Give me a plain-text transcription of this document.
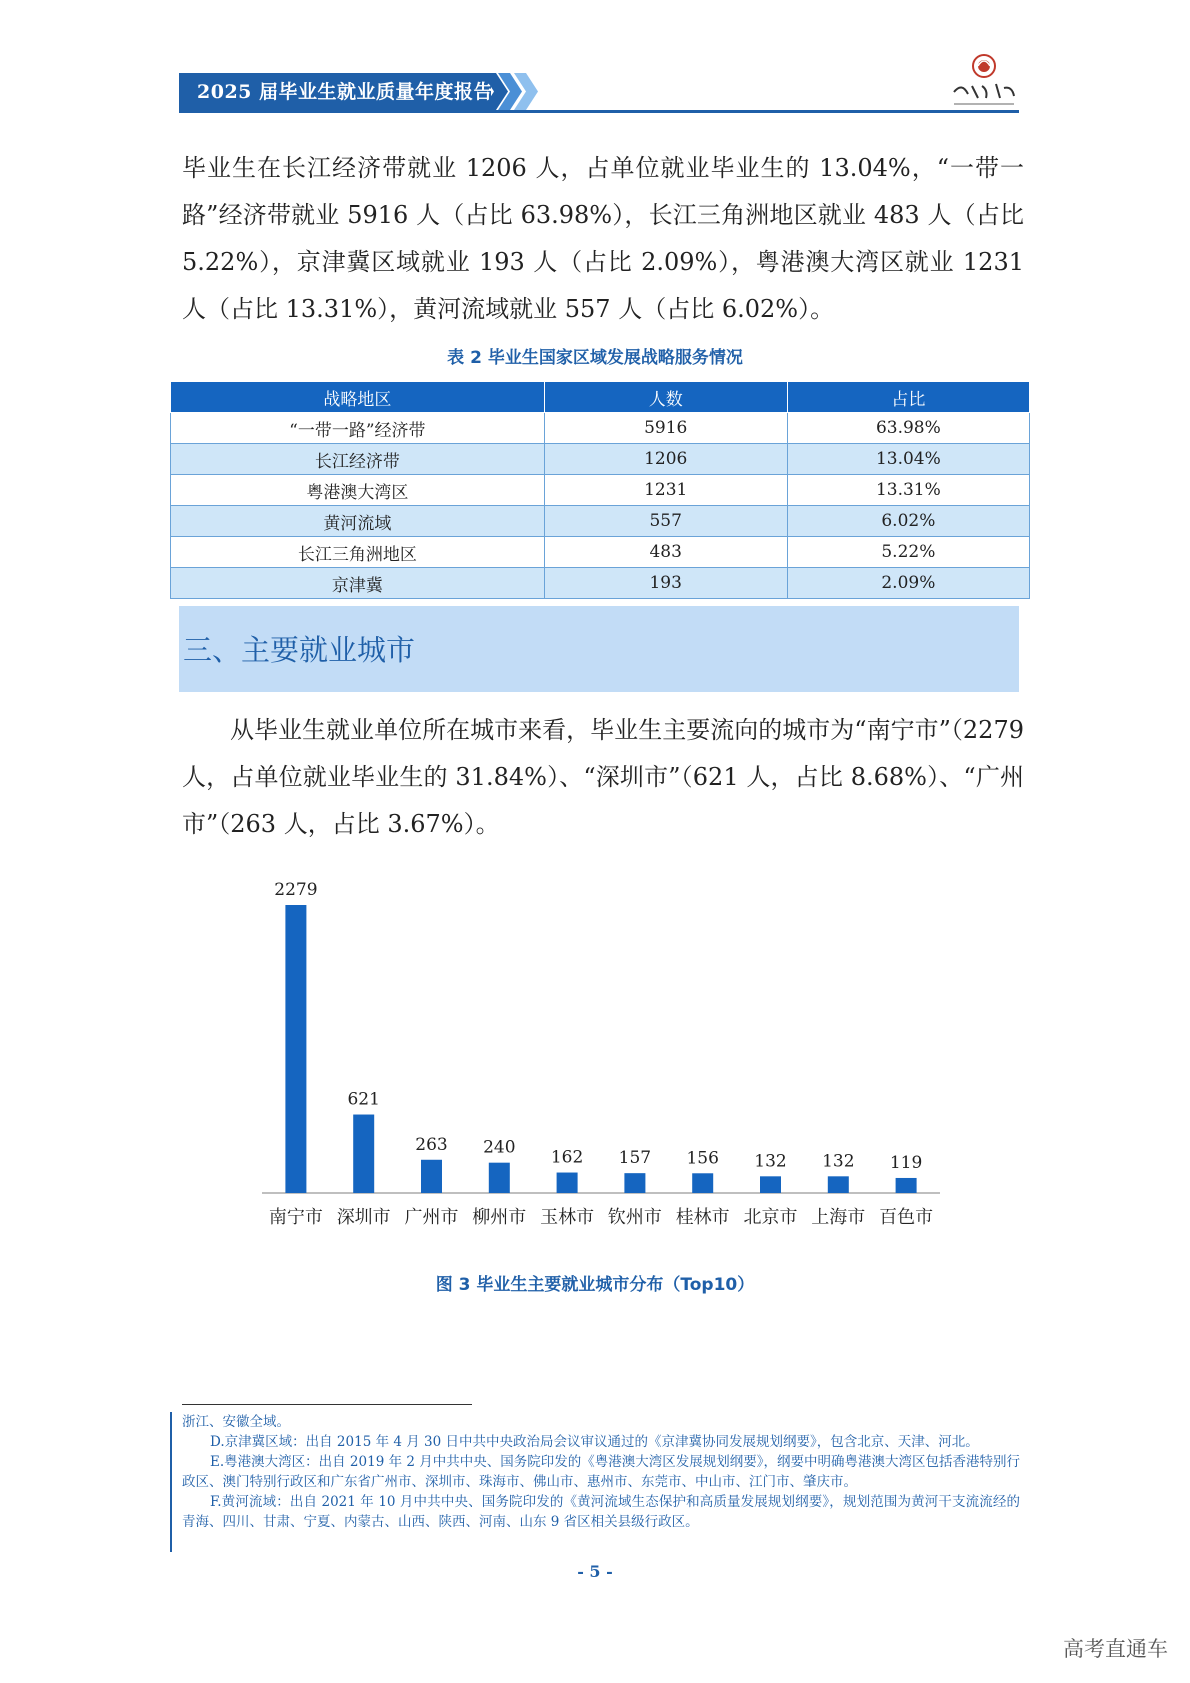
2025 届毕业生就业质量年度报告
毕业生在长江经济带就业 1206 人，占单位就业毕业生的 13.04%，“一带一路”经济带就业 5916 人（占比 63.98%），长江三角洲地区就业 483 人（占比 5.22%），京津冀区域就业 193 人（占比 2.09%），粤港澳大湾区就业 1231 人（占比 13.31%），黄河流域就业 557 人（占比 6.02%）。
表 2 毕业生国家区域发展战略服务情况
战略地区	人数	占比
“一带一路”经济带	5916	63.98%
长江经济带	1206	13.04%
粤港澳大湾区	1231	13.31%
黄河流域	557	6.02%
长江三角洲地区	483	5.22%
京津冀	193	2.09%
三、主要就业城市
从毕业生就业单位所在城市来看，毕业生主要流向的城市为“南宁市”（2279 人，占单位就业毕业生的 31.84%）、“深圳市”（621 人，占比 8.68%）、“广州市”（263 人，占比 3.67%）。
2279
南宁市
621
深圳市
263
广州市
240
柳州市
162
玉林市
157
钦州市
156
桂林市
132
北京市
132
上海市
119
百色市
图 3 毕业生主要就业城市分布（Top10）

浙江、安徽全域。

D.京津冀区域：出自 2015 年 4 月 30 日中共中央政治局会议审议通过的《京津冀协同发展规划纲要》，包含北京、天津、河北。

E.粤港澳大湾区：出自 2019 年 2 月中共中央、国务院印发的《粤港澳大湾区发展规划纲要》，纲要中明确粤港澳大湾区包括香港特别行政区、澳门特别行政区和广东省广州市、深圳市、珠海市、佛山市、惠州市、东莞市、中山市、江门市、肇庆市。

F.黄河流域：出自 2021 年 10 月中共中央、国务院印发的《黄河流域生态保护和高质量发展规划纲要》，规划范围为黄河干支流流经的青海、四川、甘肃、宁夏、内蒙古、山西、陕西、河南、山东 9 省区相关县级行政区。

- 5 -
高考直通车
